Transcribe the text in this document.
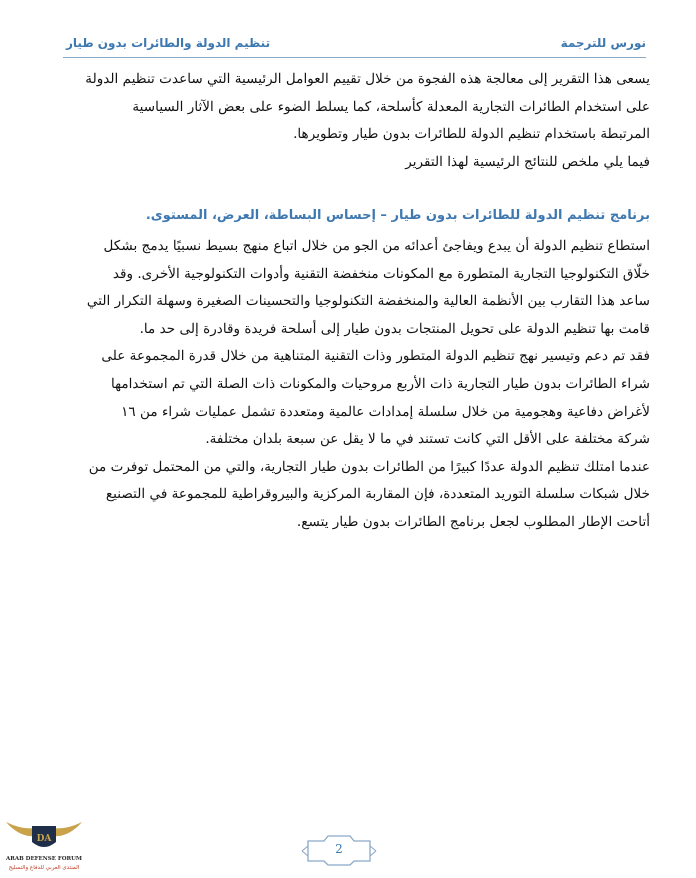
تنظيم الدولة والطائرات بدون طيار	نورس للترجمة

يسعى هذا التقرير إلى معالجة هذه الفجوة من خلال تقييم العوامل الرئيسية التي ساعدت تنظيم الدولة
على استخدام الطائرات التجارية المعدلة كأسلحة، كما يسلط الضوء على بعض الآثار السياسية
المرتبطة باستخدام تنظيم الدولة للطائرات بدون طيار وتطويرها.
فيما يلي ملخص للنتائج الرئيسية لهذا التقرير

برنامج تنظيم الدولة للطائرات بدون طيار – إحساس البساطة، العرض، المستوى.

استطاع تنظيم الدولة أن يبدع ويفاجئ أعدائه من الجو من خلال اتباع منهج بسيط نسبيًا يدمج بشكل
خلّاق التكنولوجيا التجارية المتطورة مع المكونات منخفضة التقنية وأدوات التكنولوجية الأخرى. وقد
ساعد هذا التقارب بين الأنظمة العالية والمنخفضة التكنولوجيا والتحسينات الصغيرة وسهلة التكرار التي
قامت بها تنظيم الدولة على تحويل المنتجات بدون طيار إلى أسلحة فريدة وقادرة إلى حد ما.

فقد تم دعم وتيسير نهج تنظيم الدولة المتطور وذات التقنية المتناهية من خلال قدرة المجموعة على
شراء الطائرات بدون طيار التجارية ذات الأربع مروحيات والمكونات ذات الصلة التي تم استخدامها
لأغراض دفاعية وهجومية من خلال سلسلة إمدادات عالمية ومتعددة تشمل عمليات شراء من ١٦
شركة مختلفة على الأقل التي كانت تستند في ما لا يقل عن سبعة بلدان مختلفة.

عندما امتلك تنظيم الدولة عددًا كبيرًا من الطائرات بدون طيار التجارية، والتي من المحتمل توفرت من
خلال شبكات سلسلة التوريد المتعددة، فإن المقاربة المركزية والبيروقراطية للمجموعة في التصنيع
أتاحت الإطار المطلوب لجعل برنامج الطائرات بدون طيار يتسع.

2
DA
ARAB DEFENSE FORUM
المنتدى العربي للدفاع والتسليح
